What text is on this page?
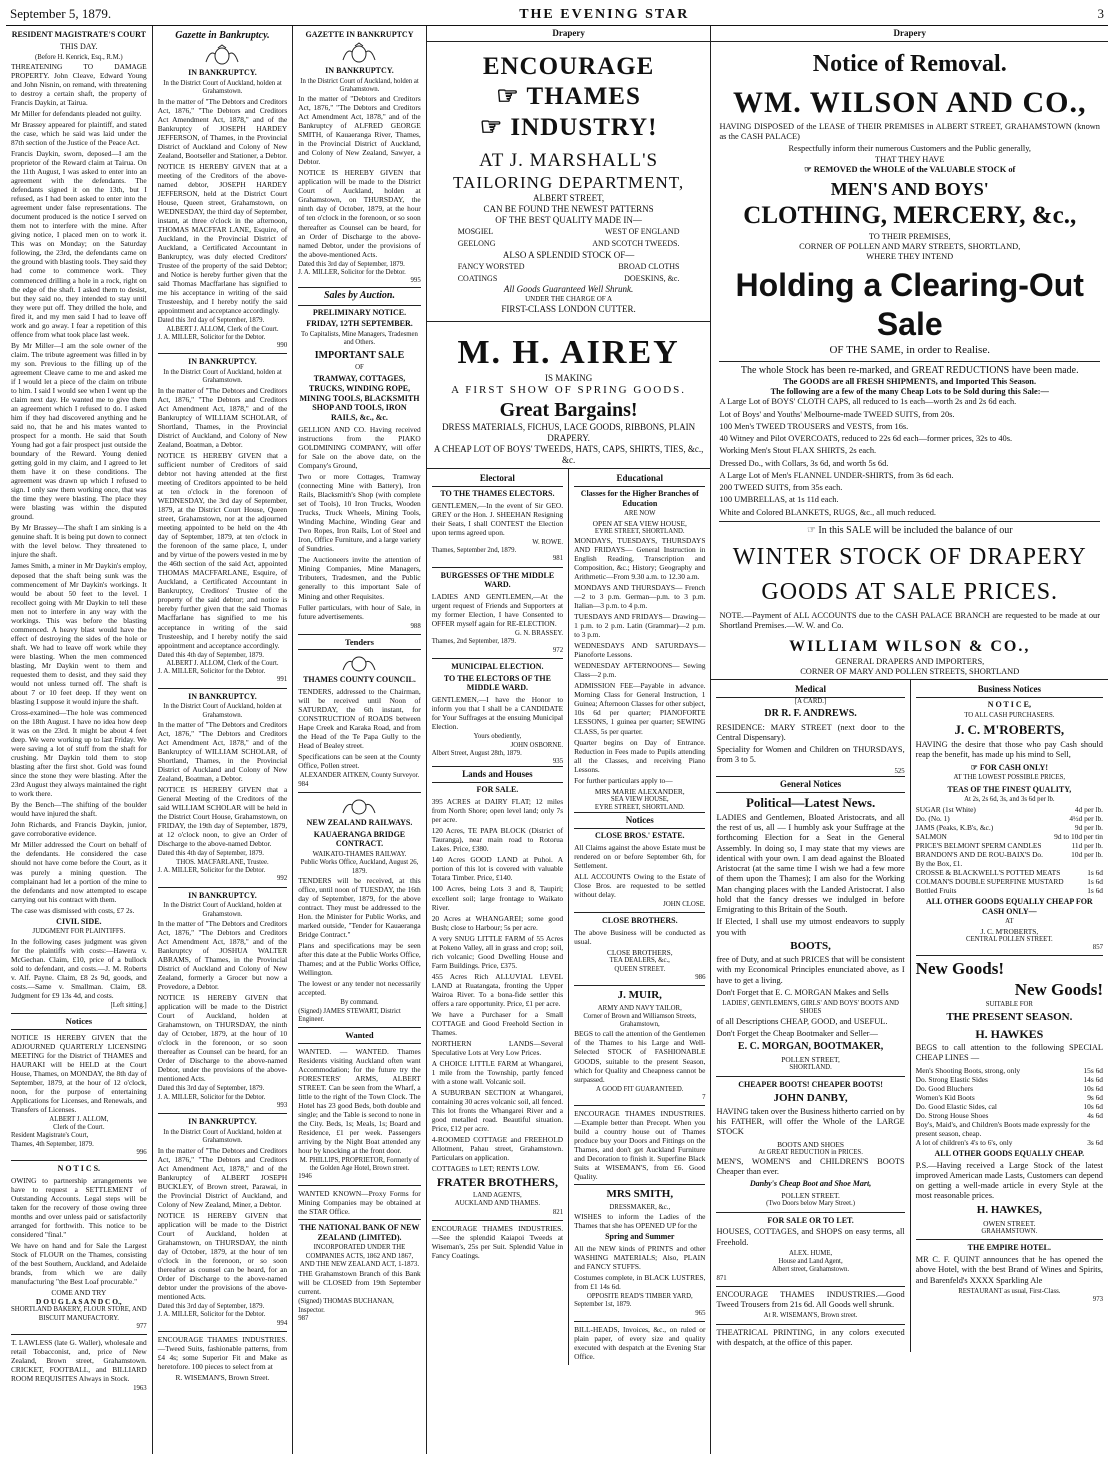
September 5, 1879.	THE EVENING STAR	3
RESIDENT MAGISTRATE'S COURT
THIS DAY.
(Before H. Kenrick, Esq., R.M.)

THREATENING TO DAMAGE PROPERTY. John Cleave, Edward Young and John Nisnin, on remand, with threatening to destroy a certain shaft, the property of Francis Daykin, at Tairua.

Mr Miller for defendants pleaded not guilty.

Mr Brassey appeared for plaintiff, and stated the case, which he said was laid under the 87th section of the Justice of the Peace Act.

Francis Daykin, sworn, deposed—I am the proprietor of the Reward claim at Tairua. On the 11th August, I was asked to enter into an agreement with the defendants. The defendants signed it on the 13th, but I refused, as I had been asked to enter into the agreement under false representations. The document produced is the notice I served on them not to interfere with the mine. After giving notice, I placed men on to work it. This was on Monday; on the Saturday following, the 23rd, the defendants came on the ground with blasting tools. They said they had come to commence work. They commenced drilling a hole in a rock, right on the edge of the shaft. I asked them to desist, but they said no, they intended to stay until they were put off. They drilled the hole, and fired it, and my men said I had to leave off work and go away. I fear a repetition of this offence from what took place last week.

By Mr Miller—I am the sole owner of the claim. The tribute agreement was filled in by my son. Previous to the filling up of the agreement Cleave came to me and asked me if I would let a piece of the claim on tribute to him. I said I would see when I went up the claim next day. He wanted me to give them an agreement which I refused to do. I asked him if they had discovered anything and he said no, that he and his mates wanted to prospect for a month. He said that South Young had got a fair prospect just outside the boundary of the Reward. Young denied getting gold in my claim, and I agreed to let them have it on these conditions. The agreement was drawn up which I refused to sign. I only saw them working once, that was the time they were blasting. The place they were blasting was within the disputed ground.

By Mr Brassey—The shaft I am sinking is a genuine shaft. It is being put down to connect with the level below. They threatened to injure the shaft.

James Smith, a miner in Mr Daykin's employ, deposed that the shaft being sunk was the commencement of Mr Daykin's workings. It would be about 50 feet to the level. I recollect going with Mr Daykin to tell these men not to interfere in any way with the workings. This was before the blasting commenced. A heavy blast would have the effect of destroying the sides of the hole or shaft. We had to leave off work while they were blasting. When the men commenced blasting, Mr Daykin went to them and requested them to desist, and they said they would not unless turned off. The shaft is about 7 or 10 feet deep. If they went on blasting I suppose it would injure the shaft.

Cross-examined—The hole was commenced on the 18th August. I have no idea how deep it was on the 23rd. It might be about 4 feet deep. We were working up to last Friday. We were saving a lot of stuff from the shaft for crushing. Mr Daykin told them to stop blasting after the first shot. Gold was found since the stone they were blasting. After the 23rd August they always maintained the right to work there.

By the Bench—The shifting of the boulder would have injured the shaft.

John Richards, and Francis Daykin, junior, gave corroborative evidence.

Mr Miller addressed the Court on behalf of the defendants. He considered the case should not have come before the Court, as it was purely a mining question. The complainant had let a portion of the mine to the defendants and now attempted to escape carrying out his contract with them.

The case was dismissed with costs, £7 2s.

CIVIL SIDE.
JUDGMENT FOR PLAINTIFFS.

In the following cases judgment was given for the plaintiffs with costs:—Hawera v. McGechan. Claim, £10, price of a bullock sold to defendant, and costs.—J. M. Roberts v. Alf. Payne. Claim, £8 2s 9d, goods, and costs.—Same v. Smallman. Claim, £8. Judgment for £9 13s 4d, and costs.

[Left sitting.]
Notices

NOTICE IS HEREBY GIVEN that the ADJOURNED QUARTERLY LICENSING MEETING for the District of THAMES and HAURAKI will be HELD at the Court House, Thames, on MONDAY, the 8th day of September, 1879, at the hour of 12 o'clock, noon, for the purpose of entertaining Applications for Licenses, and Renewals, and Transfers of Licenses.

ALBERT J. ALLOM,
Clerk of the Court.
Resident Magistrate's Court,
Thames, 4th September, 1879.
996
N O T I C S.

OWING to partnership arrangements we have to request a SETTLEMENT of Outstanding Accounts. Legal steps will be taken for the recovery of those owing three months and over unless paid or satisfactorily arranged for forthwith. This notice to be considered "final."

We have on hand and for Sale the Largest Stock of FLOUR on the Thames, consisting of the best Southern, Auckland, and Adelaide brands, from which we are daily manufacturing "the Best Loaf procurable."

COME AND TRY
D O U G L A S A N D C O.,
SHORTLAND BAKERY, FLOUR STORE, AND BISCUIT MANUFACTORY.
977

T. LAWLESS (late G. Waller), wholesale and retail Tobacconist, and, price of New Zealand, Brown street, Grahamstown. CRICKET, FOOTBALL, and BILLIARD ROOM REQUISITES Always in Stock.

1963
Gazette in Bankruptcy.
IN BANKRUPTCY.
In the District Court of Auckland, holden at Grahamstown.

In the matter of "The Debtors and Creditors Act, 1876," "The Debtors and Creditors Act Amendment Act, 1878," and of the Bankruptcy of JOSEPH HARDEY JEFFERSON, of Thames, in the Provincial District of Auckland and Colony of New Zealand, Bootseller and Stationer, a Debtor.

NOTICE IS HEREBY GIVEN that at a meeting of the Creditors of the above-named debtor, JOSEPH HARDEY JEFFERSON, held at the District Court House, Queen street, Grahamstown, on WEDNESDAY, the third day of September, instant, at three o'clock in the afternoon, THOMAS MACFFAR LANE, Esquire, of Auckland, in the Provincial District of Auckland, a Certificated Accountant in Bankruptcy, was duly elected Creditors' Trustee of the property of the said Debtor; and Notice is hereby further given that the said Thomas Macffarlane has signified to me his acceptance in writing of the said Trusteeship, and I hereby notify the said appointment and acceptance accordingly.

Dated this 3rd day of September, 1879.
ALBERT J. ALLOM, Clerk of the Court.
J. A. MILLER, Solicitor for the Debtor.
990
IN BANKRUPTCY.
In the District Court of Auckland, holden at Grahamstown.

In the matter of "The Debtors and Creditors Act, 1876," "The Debtors and Creditors Act Amendment Act, 1878," and of the Bankruptcy of WILLIAM SCHOLAR, of Shortland, Thames, in the Provincial District of Auckland, and Colony of New Zealand, Boatman, a Debtor.

NOTICE IS HEREBY GIVEN that a sufficient number of Creditors of said debtor not having attended at the first meeting of Creditors appointed to be held at ten o'clock in the forenoon of WEDNESDAY, the 3rd day of September, 1879, at the District Court House, Queen street, Grahamstown, nor at the adjourned meeting appointed to be held on the 4th day of September, 1879, at ten o'clock in the forenoon of the same place, I, under and by virtue of the powers vested in me by the 46th section of the said Act, appointed THOMAS MACFFARLANE, Esquire, of Auckland, a Certificated Accountant in Bankruptcy, Creditors' Trustee of the property of the said debtor; and notice is hereby further given that the said Thomas Macffarlane has signified to me his acceptance in writing of the said Trusteeship, and I hereby notify the said appointment and acceptance accordingly.

Dated this 4th day of September, 1879.
ALBERT J. ALLOM, Clerk of the Court.
J. A. MILLER, Solicitor for the Debtor.
991
IN BANKRUPTCY.
In the District Court of Auckland, holden at Grahamstown.

In the matter of "The Debtors and Creditors Act, 1876," "The Debtors and Creditors Act Amendment Act, 1878," and of the Bankruptcy of WILLIAM SCHOLAR, of Shortland, Thames, in the Provincial District of Auckland and Colony of New Zealand, Boatman, a Debtor.

NOTICE IS HEREBY GIVEN that a General Meeting of the Creditors of the said WILLIAM SCHOLAR will be held in the District Court House, Grahamstown, on FRIDAY, the 19th day of September, 1879, at 12 o'clock noon, to give an Order of Discharge to the above-named Debtor.

Dated this 4th day of September, 1879.
THOS. MACFARLANE, Trustee.
J. A. MILLER, Solicitor for the Debtor.
992
IN BANKRUPTCY.
In the District Court of Auckland, holden at Grahamstown.

In the matter of "The Debtors and Creditors Act, 1876," "The Debtors and Creditors Act Amendment Act, 1878," and of the Bankruptcy of JOSHUA WALTER ABRAMS, of Thames, in the Provincial District of Auckland and Colony of New Zealand, formerly a Grocer but now a Provedore, a Debtor.

NOTICE IS HEREBY GIVEN that application will be made to the District Court of Auckland, holden at Grahamstown, on THURSDAY, the ninth day of October, 1879, at the hour of 10 o'clock in the forenoon, or so soon thereafter as Counsel can be heard, for an Order of Discharge to the above-named Debtor, under the provisions of the above-mentioned Acts.

Dated this 3rd day of September, 1879.
J. A. MILLER, Solicitor for the Debtor.
993
IN BANKRUPTCY.
In the District Court of Auckland, holden at Grahamstown.

In the matter of "The Debtors and Creditors Act, 1876," "The Debtors and Creditors Act Amendment Act, 1878," and of the Bankruptcy of ALBERT JOSEPH BUCKLEY, of Brown street, Parawai, in the Provincial District of Auckland, and Colony of New Zealand, Miner, a Debtor.

NOTICE IS HEREBY GIVEN that application will be made to the District Court of Auckland, holden at Grahamstown, on THURSDAY, the ninth day of October, 1879, at the hour of ten o'clock in the forenoon, or so soon thereafter as counsel can be heard, for an Order of Discharge to the above-named debtor under the provisions of the above-mentioned Acts.

Dated this 3rd day of September, 1879.
J. A. MILLER, Solicitor for the Debtor.
994

ENCOURAGE THAMES INDUSTRIES.—Tweed Suits, fashionable patterns, from £4 4s; some Superior Fit and Make as heretofore. 100 pieces to select from at

R. WISEMAN'S, Brown Street.
GAZETTE IN BANKRUPTCY
IN BANKRUPTCY.
In the District Court of Auckland, holden at Grahamstown.

In the matter of "Debtors and Creditors Act, 1876," "The Debtors and Creditors Act Amendment Act, 1878," and of the Bankruptcy of ALFRED GEORGE SMITH, of Kauaeranga River, Thames, in the Provincial District of Auckland, and Colony of New Zealand, Sawyer, a Debtor.

NOTICE IS HEREBY GIVEN that application will be made to the District Court of Auckland, holden at Grahamstown, on THURSDAY, the ninth day of October, 1879, at the hour of ten o'clock in the forenoon, or so soon thereafter as Counsel can be heard, for an Order of Discharge to the above-named Debtor, under the provisions of the above-mentioned Acts.

Dated this 3rd day of September, 1879.
J. A. MILLER, Solicitor for the Debtor.
995
Sales by Auction.
PRELIMINARY NOTICE.
FRIDAY, 12TH SEPTEMBER.
To Capitalists, Mine Managers, Tradesmen and Others.
IMPORTANT SALE
OF
TRAMWAY, COTTAGES, TRUCKS, WINDING ROPE, MINING TOOLS, BLACKSMITH SHOP AND TOOLS, IRON RAILS, &c., &c.

GELLION AND CO. Having received instructions from the PIAKO GOLDMINING COMPANY, will offer for Sale on the above date, on the Company's Ground,

Two or more Cottages, Tramway (connecting Mine with Battery), Iron Rails, Blacksmith's Shop (with complete set of Tools), 10 Iron Trucks, Wooden Trucks, Truck Wheels, Mining Tools, Winding Machine, Winding Gear and Two Ropes, Iron Rails, Lot of Steel and Iron, Office Furniture, and a large variety of Sundries.

The Auctioneers invite the attention of Mining Companies, Mine Managers, Tributers, Tradesmen, and the Public generally to this important Sale of Mining and other Requisites.

Fuller particulars, with hour of Sale, in future advertisements.

988
Tenders
THAMES COUNTY COUNCIL.

TENDERS, addressed to the Chairman, will be received until Noon of SATURDAY, the 6th instant, for CONSTRUCTION of ROADS between Hape Creek and Karaka Road, and from the Head of the Te Papa Gully to the Head of Bealey street.

Specifications can be seen at the County Office, Pollen street.

ALEXANDER AITKEN, County Surveyor.
984
NEW ZEALAND RAILWAYS.
KAUAERANGA BRIDGE CONTRACT.
WAIKATO-THAMES RAILWAY.
Public Works Office, Auckland, August 26, 1879.

TENDERS will be received, at this office, until noon of TUESDAY, the 16th day of September, 1879, for the above contract. They must be addressed to the Hon. the Minister for Public Works, and marked outside, "Tender for Kauaeranga Bridge Contract."

Plans and specifications may be seen after this date at the Public Works Office, Thames; and at the Public Works Office, Wellington.

The lowest or any tender not necessarily accepted.

By command.
(Signed) JAMES STEWART, District Engineer.
Wanted

WANTED. — WANTED. Thames Residents visiting Auckland often want Accommodation; for the future try the FORESTERS' ARMS, ALBERT STREET. Can be seen from the Wharf, a little to the right of the Town Clock. The Hotel has 23 good Beds, both double and single; and the Table is second to none in the City. Beds, 1s; Meals, 1s; Board and Residence, £1 per week. Passengers arriving by the Night Boat attended any hour by knocking at the front door.

M. PHILLIPS, PROPRIETOR, Formerly of the Golden Age Hotel, Brown street.
1946

WANTED KNOWN—Proxy Forms for Mining Companies may be obtained at the STAR Office.

THE NATIONAL BANK OF NEW ZEALAND (LIMITED).
INCORPORATED UNDER THE COMPANIES ACTS, 1862 AND 1867, AND THE NEW ZEALAND ACT, 1-1873.

THE Grahamstown Branch of this Bank will be CLOSED from 19th September current.

(Signed) THOMAS BUCHANAN, Inspector.
987
Drapery
ENCOURAGE
☞ THAMES
☞ INDUSTRY!
AT J. MARSHALL'S
TAILORING DEPARTMENT,
ALBERT STREET,
CAN BE FOUND THE NEWEST PATTERNS
OF THE BEST QUALITY MADE IN—
MOSGIEL	WEST OF ENGLAND
GEELONG	AND SCOTCH TWEEDS.
ALSO A SPLENDID STOCK OF—
FANCY WORSTED	BROAD CLOTHS
COATINGS	DOESKINS, &c.
All Goods Guaranteed Well Shrunk.
UNDER THE CHARGE OF A
FIRST-CLASS LONDON CUTTER.
M. H. AIREY
IS MAKING
A FIRST SHOW OF SPRING GOODS.
Great Bargains!
DRESS MATERIALS, FICHUS, LACE GOODS, RIBBONS, PLAIN DRAPERY.
A CHEAP LOT OF BOYS' TWEEDS, HATS, CAPS, SHIRTS, TIES, &c., &c.
Electoral
TO THE THAMES ELECTORS.

GENTLEMEN,—In the event of Sir GEO. GREY or the Hon. J. SHEEHAN Resigning their Seats, I shall CONTEST the Election upon terms agreed upon.

W. ROWE.
Thames, September 2nd, 1879.
981
BURGESSES OF THE MIDDLE WARD.

LADIES AND GENTLEMEN,—At the urgent request of Friends and Supporters at my former Election, I have Consented to OFFER myself again for RE-ELECTION.

G. N. BRASSEY.
Thames, 2nd September, 1879.
972
MUNICIPAL ELECTION.
TO THE ELECTORS OF THE MIDDLE WARD.

GENTLEMEN,—I have the Honor to inform you that I shall be a CANDIDATE for Your Suffrages at the ensuing Municipal Election.

Yours obediently,
JOHN OSBORNE.
Albert Street, August 28th, 1879.
935
Lands and Houses
FOR SALE.

395 ACRES at DAIRY FLAT; 12 miles from North Shore; open level land; only 7s per acre.

120 Acres, TE PAPA BLOCK (District of Tauranga), near main road to Rotorua Lakes. Price, £380.

140 Acres GOOD LAND at Puhoi. A portion of this lot is covered with valuable Totara Timber. Price, £140.

100 Acres, being Lots 3 and 8, Taupiri; excellent soil; large frontage to Waikato River.

20 Acres at WHANGAREI; some good Bush; close to Harbour; 5s per acre.

A very SNUG LITTLE FARM of 55 Acres at Pokeno Valley, all in grass and crop; soil, rich volcanic; Good Dwelling House and Farm Buildings. Price, £375.

455 Acres Rich ALLUVIAL LEVEL LAND at Ruatangata, fronting the Upper Wairoa River. To a bona-fide settler this offers a rare opportunity. Price, £1 per acre.

We have a Purchaser for a Small COTTAGE and Good Freehold Section in Thames.

NORTHERN LANDS—Several Speculative Lots at Very Low Prices.

A CHOICE LITTLE FARM at Whangarei, 1 mile from the Township, partly fenced with a stone wall. Volcanic soil.

A SUBURBAN SECTION at Whangarei, containing 30 acres volcanic soil, all fenced. This lot fronts the Whangarei River and a good metalled road. Beautiful situation. Price, £12 per acre.

4-ROOMED COTTAGE and FREEHOLD Allotment, Pahau street, Grahamstown. Particulars on application.

COTTAGES to LET; RENTS LOW.

FRATER BROTHERS,
LAND AGENTS,
AUCKLAND AND THAMES.
821

ENCOURAGE THAMES INDUSTRIES.—See the splendid Kaiapoi Tweeds at Wiseman's, 25s per Suit. Splendid Value in Fancy Coatings.

Educational
Classes for the Higher Branches of Education
ARE NOW
OPEN AT SEA VIEW HOUSE,
EYRE STREET, SHORTLAND.

MONDAYS, TUESDAYS, THURSDAYS AND FRIDAYS— General Instruction in English Reading, Transcription and Composition, &c.; History; Geography and Arithmetic—From 9.30 a.m. to 12.30 a.m.

MONDAYS AND THURSDAYS— French—2 to 3 p.m. German—p.m. to 3 p.m. Italian—3 p.m. to 4 p.m.

TUESDAYS AND FRIDAYS— Drawing—1 p.m. to 2 p.m. Latin (Grammar)—2 p.m. to 3 p.m.

WEDNESDAYS AND SATURDAYS— Pianoforte Lessons.

WEDNESDAY AFTERNOONS— Sewing Class—2 p.m.

ADMISSION FEE—Payable in advance. Morning Class for General Instruction, 1 Guinea; Afternoon Classes for other subject, 10s 6d per quarter; PIANOFORTE LESSONS, 1 guinea per quarter; SEWING CLASS, 5s per quarter.

Quarter begins on Day of Entrance. Reduction in Fees made to Pupils attending all the Classes, and receiving Piano Lessons.

For further particulars apply to—

MRS MARIE ALEXANDER,
SEA VIEW HOUSE,
EYRE STREET, SHORTLAND.
Notices
CLOSE BROS.' ESTATE.

All Claims against the above Estate must be rendered on or before September 6th, for Settlement.

ALL ACCOUNTS Owing to the Estate of Close Bros. are requested to be settled without delay.

JOHN CLOSE.
CLOSE BROTHERS.

The above Business will be conducted as usual.

CLOSE BROTHERS,
TEA DEALERS, &c.,
QUEEN STREET.
986
J. MUIR,
ARMY AND NAVY TAILOR,
Corner of Brown and Williamson Streets, Grahamstown,

BEGS to call the attention of the Gentlemen of the Thames to his Large and Well-Selected STOCK of FASHIONABLE GOODS, suitable to the present Season, which for Quality and Cheapness cannot be surpassed.

A GOOD FIT GUARANTEED.
7

ENCOURAGE THAMES INDUSTRIES.—Example better than Precept. When you build a country house out of Thames produce buy your Doors and Fittings on the Thames, and don't get Auckland Furniture and Decoration to finish it. Superfine Black Suits at WISEMAN'S, from £6. Good Quality.

MRS SMITH,
DRESSMAKER, &c.,

WISHES to inform the Ladies of the Thames that she has OPENED UP for the

Spring and Summer

All the NEW kinds of PRINTS and other WASHING MATERIALS; Also, PLAIN and FANCY STUFFS.

Costumes complete, in BLACK LUSTRES, from £1 14s 6d.

OPPOSITE READ'S TIMBER YARD,
September 1st, 1879.
965

BILL-HEADS, Invoices, &c., on ruled or plain paper, of every size and quality executed with despatch at the Evening Star Office.

Drapery
Notice of Removal.
WM. WILSON AND CO.,

HAVING DISPOSED of the LEASE of THEIR PREMISES in ALBERT STREET, GRAHAMSTOWN (known as the CASH PALACE)

Respectfully inform their numerous Customers and the Public generally,
THAT THEY HAVE
☞ REMOVED the WHOLE of the VALUABLE STOCK of
MEN'S AND BOYS'
CLOTHING, MERCERY, &c.,
TO THEIR PREMISES,
CORNER OF POLLEN AND MARY STREETS, SHORTLAND,
WHERE THEY INTEND
Holding a Clearing-Out Sale
OF THE SAME, in order to Realise.
The whole Stock has been re-marked, and GREAT REDUCTIONS have been made.
The GOODS are all FRESH SHIPMENTS, and Imported This Season.
The following are a few of the many Cheap Lots to be Sold during this Sale:—

A Large Lot of BOYS' CLOTH CAPS, all reduced to 1s each—worth 2s and 2s 6d each.

Lot of Boys' and Youths' Melbourne-made TWEED SUITS, from 20s.

100 Men's TWEED TROUSERS and VESTS, from 16s.

40 Witney and Pilot OVERCOATS, reduced to 22s 6d each—former prices, 32s to 40s.

Working Men's Stout FLAX SHIRTS, 2s each.

Dressed Do., with Collars, 3s 6d, and worth 5s 6d.

A Large Lot of Men's FLANNEL UNDER-SHIRTS, from 3s 6d each.

200 TWEED SUITS, from 35s each.

100 UMBRELLAS, at 1s 11d each.

White and Colored BLANKETS, RUGS, &c., all much reduced.

☞ In this SALE will be included the balance of our
WINTER STOCK OF DRAPERY
GOODS AT SALE PRICES.

NOTE.—Payment of ALL ACCOUNTS due to the CASH PALACE BRANCH are requested to be made at our Shortland Premises.—W. W. and Co.

WILLIAM WILSON & CO.,
GENERAL DRAPERS AND IMPORTERS,
CORNER OF MARY AND POLLEN STREETS, SHORTLAND
Medical
[A CARD.]
DR R. F. ANDREWS.

RESIDENCE: MARY STREET (next door to the Central Dispensary).

Speciality for Women and Children on THURSDAYS, from 3 to 5.

525
General Notices
Political—Latest News.

LADIES and Gentlemen, Bloated Aristocrats, and all the rest of us, all — I humbly ask your Suffrage at the forthcoming Election for a Seat in the General Assembly. In doing so, I may state that my views are identical with your own. I am dead against the Bloated Aristocrat (at the same time I wish we had a few more of them upon the Thames); I am also for the Working Man changing places with the Landed Aristocrat. I also hold that the fancy dresses we indulged in before Emigrating to this Britain of the South.

If Elected, I shall use my utmost endeavors to supply you with

BOOTS,

free of Duty, and at such PRICES that will be consistent with my Economical Principles enunciated above, as I have to get a living.

Don't Forget that E. C. MORGAN Makes and Sells

LADIES', GENTLEMEN'S, GIRLS' AND BOYS' BOOTS AND SHOES

of all Descriptions CHEAP, GOOD, and USEFUL.

Don't Forget the Cheap Bootmaker and Seller—

E. C. MORGAN, BOOTMAKER,
POLLEN STREET,
SHORTLAND.
CHEAPER BOOTS! CHEAPER BOOTS!
JOHN DANBY,

HAVING taken over the Business hitherto carried on by his FATHER, will offer the Whole of the LARGE STOCK

BOOTS AND SHOES
At GREAT REDUCTION in PRICES.

MEN'S, WOMEN'S and CHILDREN'S BOOTS Cheaper than ever.

Danby's Cheap Boot and Shoe Mart,
POLLEN STREET.
(Two Doors below Mary Street.)
FOR SALE OR TO LET.

HOUSES, COTTAGES, and SHOPS on easy terms, all Freehold.

ALEX. HUME,
House and Land Agent,
Albert street, Grahamstown.
871

ENCOURAGE THAMES INDUSTRIES.—Good Tweed Trousers from 21s 6d. All Goods well shrunk.

At R. WISEMAN'S, Brown street.

THEATRICAL PRINTING, in any colors executed with despatch, at the office of this paper.

Business Notices
N O T I C E,
TO ALL CASH PURCHASERS.
J. C. M'ROBERTS,

HAVING the desire that those who pay Cash should reap the benefit, has made up his mind to Sell,

☞ FOR CASH ONLY!
AT THE LOWEST POSSIBLE PRICES,
TEAS OF THE FINEST QUALITY,
At 2s, 2s 6d, 3s, and 3s 6d per lb.
SUGAR (1st White)	4d per lb.
Do. (No. 1)	4½d per lb.
JAMS (Peaks, K.B's, &c.)	9d per lb.
SALMON	9d to 10d per tin
PRICE'S BELMONT SPERM CANDLES	11d per lb.
BRANDON'S AND DE ROU-BAIX'S Do.	10d per lb.
By the Box, £1.
CROSSE & BLACKWELL'S POTTED MEATS	1s 6d
COLMAN'S DOUBLE SUPERFINE MUSTARD	1s 6d
Bottled Fruits	1s 6d
ALL OTHER GOODS EQUALLY CHEAP FOR CASH ONLY—
AT
J. C. M'ROBERTS,
CENTRAL POLLEN STREET.
857
New Goods!
New Goods!
SUITABLE FOR
THE PRESENT SEASON.
H. HAWKES

BEGS to call attention to the following SPECIAL CHEAP LINES —

Men's Shooting Boots, strong, only	15s 6d
Do. Strong Elastic Sides	14s 6d
Do. Good Bluchers	10s 6d
Women's Kid Boots	9s 6d
Do. Good Elastic Sides, cal	10s 6d
Do. Strong House Shoes	4s 6d
Boy's, Maid's, and Children's Boots made expressly for the present season, cheap.
A lot of children's 4's to 6's, only	3s 6d
ALL OTHER GOODS EQUALLY CHEAP.

P.S.—Having received a Large Stock of the latest improved American made Lasts, Customers can depend on getting a well-made article in every Style at the most reasonable prices.

H. HAWKES,
OWEN STREET.
GRAHAMSTOWN.
THE EMPIRE HOTEL.

MR C. F. QUINT announces that he has opened the above Hotel, with the best Brand of Wines and Spirits, and Barenfeld's XXXX Sparkling Ale

RESTAURANT as usual, First-Class.
973
